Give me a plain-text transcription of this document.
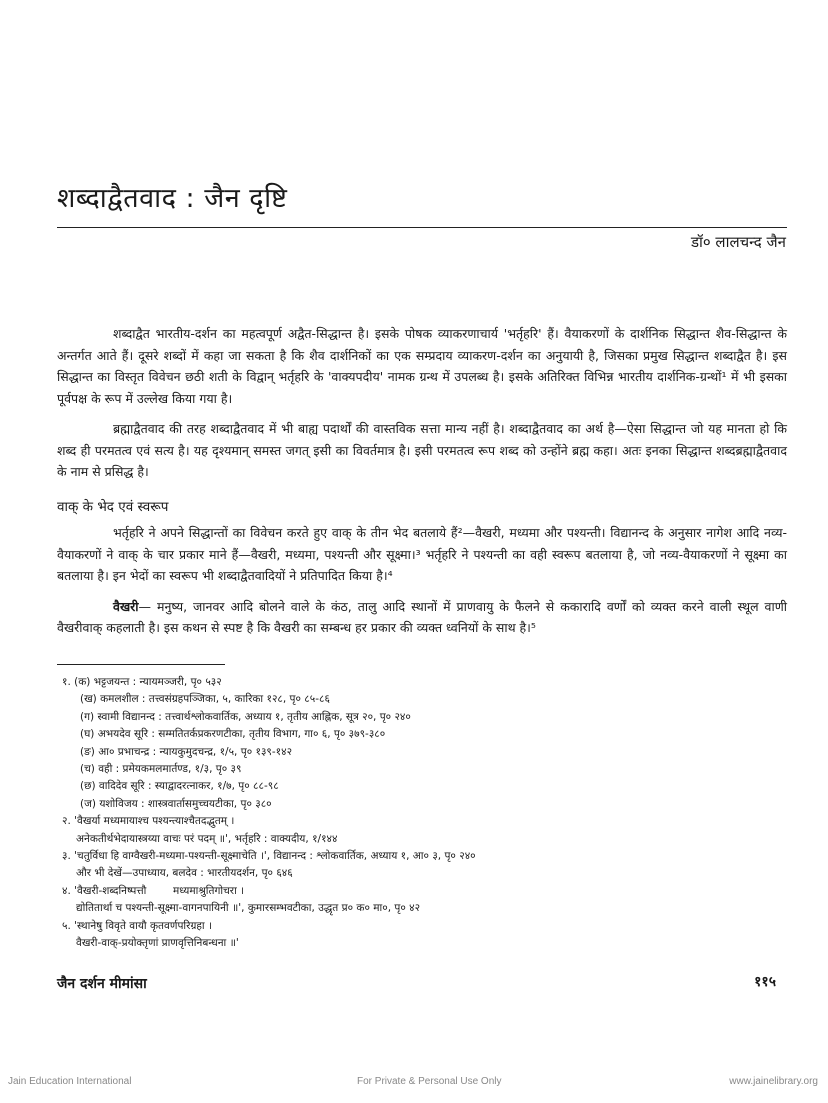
शब्दाद्वैतवाद : जैन दृष्टि
डॉ० लालचन्द जैन

शब्दाद्वैत भारतीय-दर्शन का महत्वपूर्ण अद्वैत-सिद्धान्त है। इसके पोषक व्याकरणाचार्य 'भर्तृहरि' हैं। वैयाकरणों के दार्शनिक सिद्धान्त शैव-सिद्धान्त के अन्तर्गत आते हैं। दूसरे शब्दों में कहा जा सकता है कि शैव दार्शनिकों का एक सम्प्रदाय व्याकरण-दर्शन का अनुयायी है, जिसका प्रमुख सिद्धान्त शब्दाद्वैत है। इस सिद्धान्त का विस्तृत विवेचन छठी शती के विद्वान् भर्तृहरि के 'वाक्यपदीय' नामक ग्रन्थ में उपलब्ध है। इसके अतिरिक्त विभिन्न भारतीय दार्शनिक-ग्रन्थों¹ में भी इसका पूर्वपक्ष के रूप में उल्लेख किया गया है।

ब्रह्माद्वैतवाद की तरह शब्दाद्वैतवाद में भी बाह्य पदार्थों की वास्तविक सत्ता मान्य नहीं है। शब्दाद्वैतवाद का अर्थ है—ऐसा सिद्धान्त जो यह मानता हो कि शब्द ही परमतत्व एवं सत्य है। यह दृश्यमान् समस्त जगत् इसी का विवर्तमात्र है। इसी परमतत्व रूप शब्द को उन्होंने ब्रह्म कहा। अतः इनका सिद्धान्त शब्दब्रह्माद्वैतवाद के नाम से प्रसिद्ध है।

वाक् के भेद एवं स्वरूप

भर्तृहरि ने अपने सिद्धान्तों का विवेचन करते हुए वाक् के तीन भेद बतलाये हैं²—वैखरी, मध्यमा और पश्यन्ती। विद्यानन्द के अनुसार नागेश आदि नव्य-वैयाकरणों ने वाक् के चार प्रकार माने हैं—वैखरी, मध्यमा, पश्यन्ती और सूक्ष्मा।³ भर्तृहरि ने पश्यन्ती का वही स्वरूप बतलाया है, जो नव्य-वैयाकरणों ने सूक्ष्मा का बतलाया है। इन भेदों का स्वरूप भी शब्दाद्वैतवादियों ने प्रतिपादित किया है।⁴

वैखरी— मनुष्य, जानवर आदि बोलने वाले के कंठ, तालु आदि स्थानों में प्राणवायु के फैलने से ककारादि वर्णों को व्यक्त करने वाली स्थूल वाणी वैखरीवाक् कहलाती है। इस कथन से स्पष्ट है कि वैखरी का सम्बन्ध हर प्रकार की व्यक्त ध्वनियों के साथ है।⁵

१. (क) भट्टजयन्त : न्यायमञ्जरी, पृ० ५३२
(ख) कमलशील : तत्त्वसंग्रहपञ्जिका, ५, कारिका १२८, पृ० ८५-८६
(ग) स्वामी विद्यानन्द : तत्त्वार्थश्लोकवार्तिक, अध्याय १, तृतीय आह्निक, सूत्र २०, पृ० २४०
(घ) अभयदेव सूरि : सम्मतितर्कप्रकरणटीका, तृतीय विभाग, गा० ६, पृ० ३७९-३८०
(ङ) आ० प्रभाचन्द्र : न्यायकुमुदचन्द्र, १/५, पृ० १३९-१४२
(च) वही : प्रमेयकमलमार्तण्ड, १/३, पृ० ३९
(छ) वादिदेव सूरि : स्याद्वादरत्नाकर, १/७, पृ० ८८-९८
(ज) यशोविजय : शास्त्रवार्तासमुच्चयटीका, पृ० ३८०
२. 'वैखर्या मध्यमायाश्च पश्यन्त्याश्चैतदद्भुतम् ।
अनेकतीर्थभेदायास्त्रय्या वाचः परं पदम् ॥', भर्तृहरि : वाक्यदीय, १/१४४
३. 'चतुर्विधा हि वाग्वैखरी-मध्यमा-पश्यन्ती-सूक्ष्माचेति ।', विद्यानन्द : श्लोकवार्तिक, अध्याय १, आ० ३, पृ० २४०
और भी देखें—उपाध्याय, बलदेव : भारतीयदर्शन, पृ० ६४६
४. 'वैखरी-शब्दनिष्पत्तौ        मध्यमाश्रुतिगोचरा ।
द्योतितार्था च पश्यन्ती-सूक्ष्मा-वागनपायिनी ॥', कुमारसम्भवटीका, उद्धृत प्र० क० मा०, पृ० ४२
५. 'स्थानेषु विवृते वायौ कृतवर्णपरिग्रहा ।
वैखरी-वाक्-प्रयोक्तृणां प्राणवृत्तिनिबन्धना ॥'
जैन दर्शन मीमांसा	११५
Jain Education International	For Private & Personal Use Only	www.jainelibrary.org
